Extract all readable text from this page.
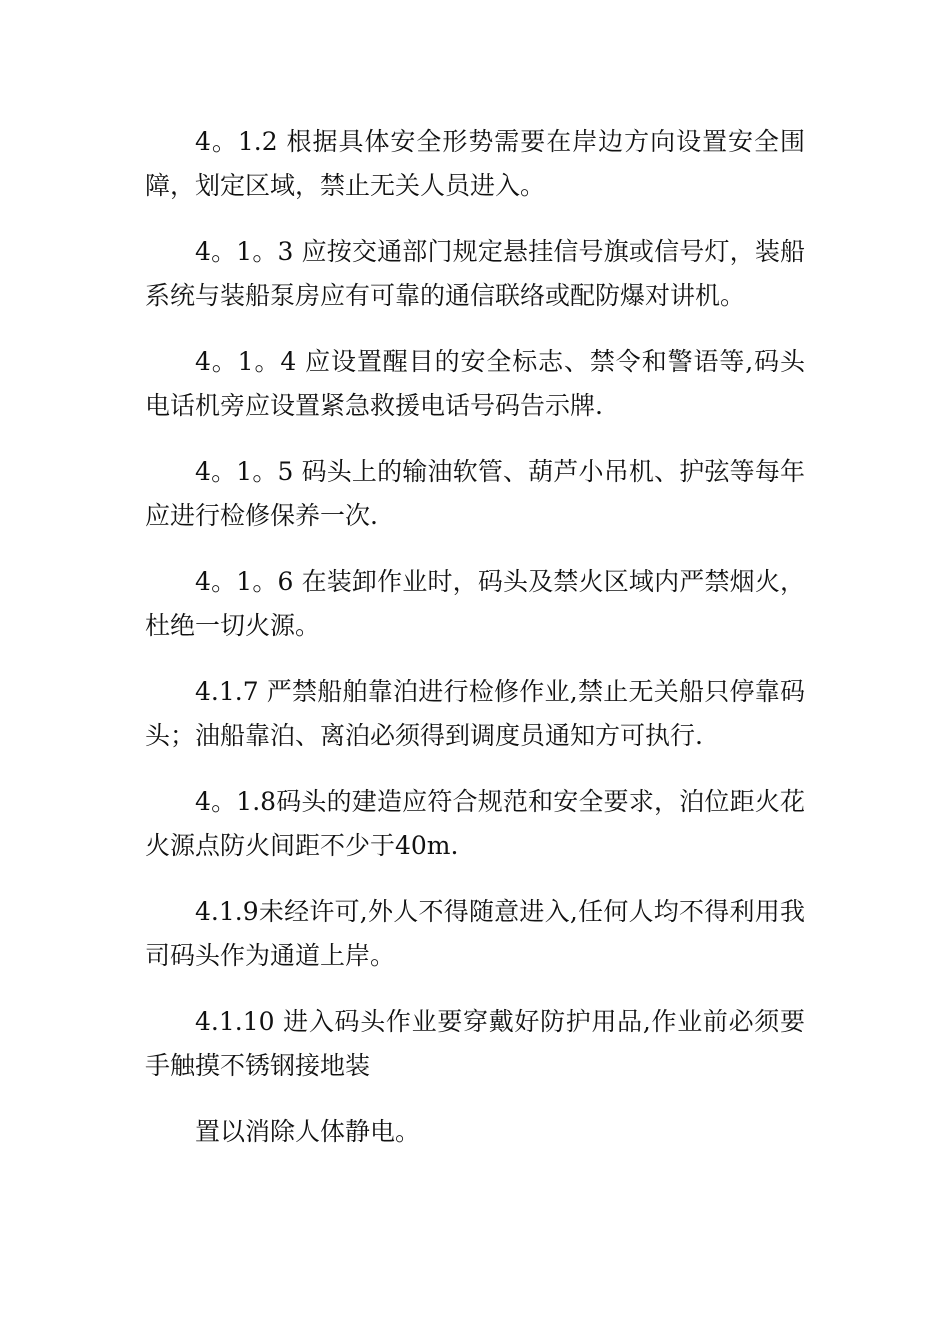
4。1.2 根据具体安全形势需要在岸边方向设置安全围障，划定区域，禁止无关人员进入。

4。1。3 应按交通部门规定悬挂信号旗或信号灯，装船系统与装船泵房应有可靠的通信联络或配防爆对讲机。

4。1。4 应设置醒目的安全标志、禁令和警语等,码头电话机旁应设置紧急救援电话号码告示牌.

4。1。5 码头上的输油软管、葫芦小吊机、护弦等每年应进行检修保养一次.

4。1。6 在装卸作业时，码头及禁火区域内严禁烟火，杜绝一切火源。

4.1.7 严禁船舶靠泊进行检修作业,禁止无关船只停靠码头；油船靠泊、离泊必须得到调度员通知方可执行.

4。1.8码头的建造应符合规范和安全要求，泊位距火花火源点防火间距不少于40m.

4.1.9未经许可,外人不得随意进入,任何人均不得利用我司码头作为通道上岸。

4.1.10 进入码头作业要穿戴好防护用品,作业前必须要手触摸不锈钢接地装

置以消除人体静电。
